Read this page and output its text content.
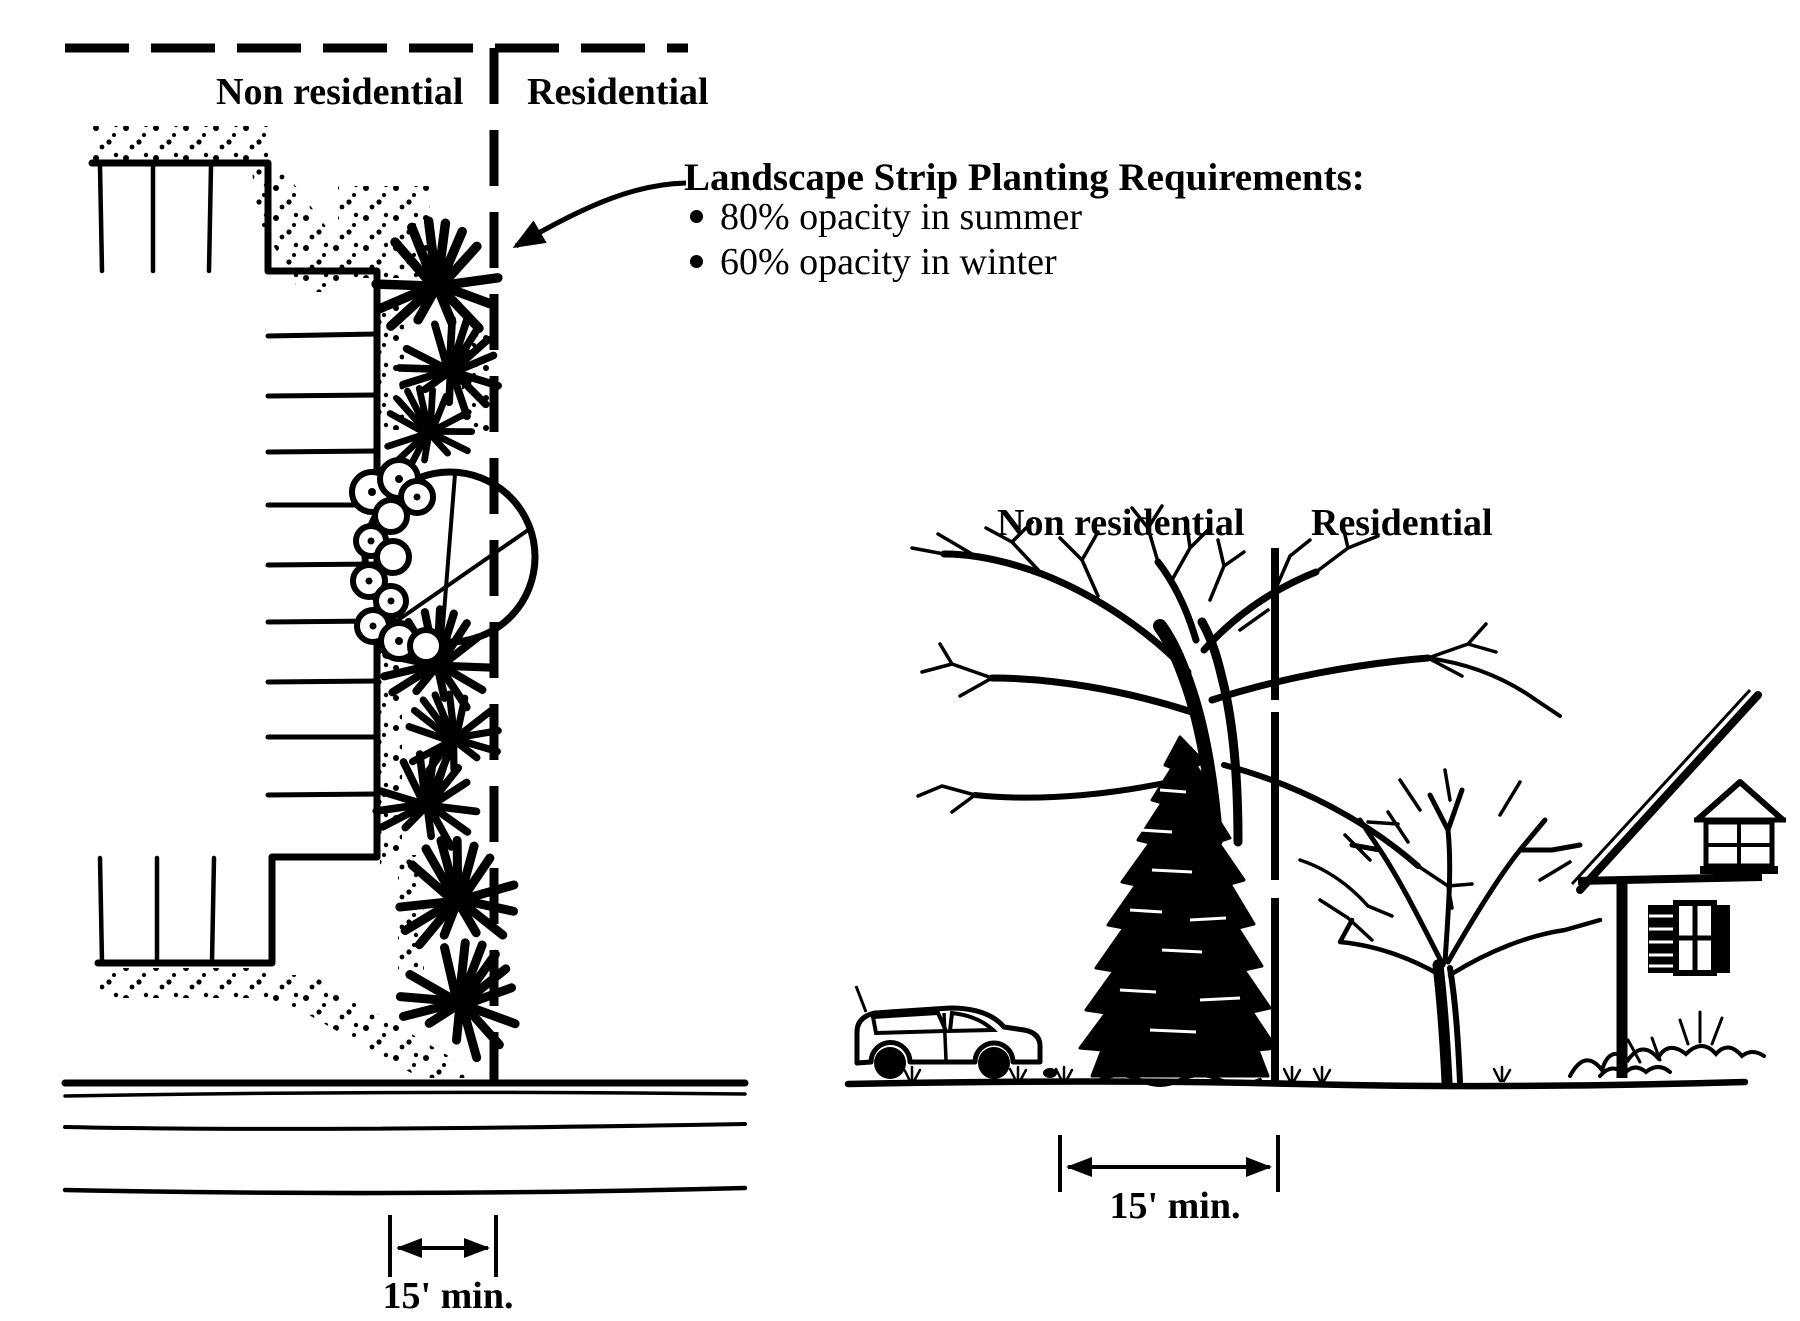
Non residential Residential
Landscape Strip Planting Requirements:
80% opacity in summer
60% opacity in winter
Non residential Residential
15' min.
15' min.
